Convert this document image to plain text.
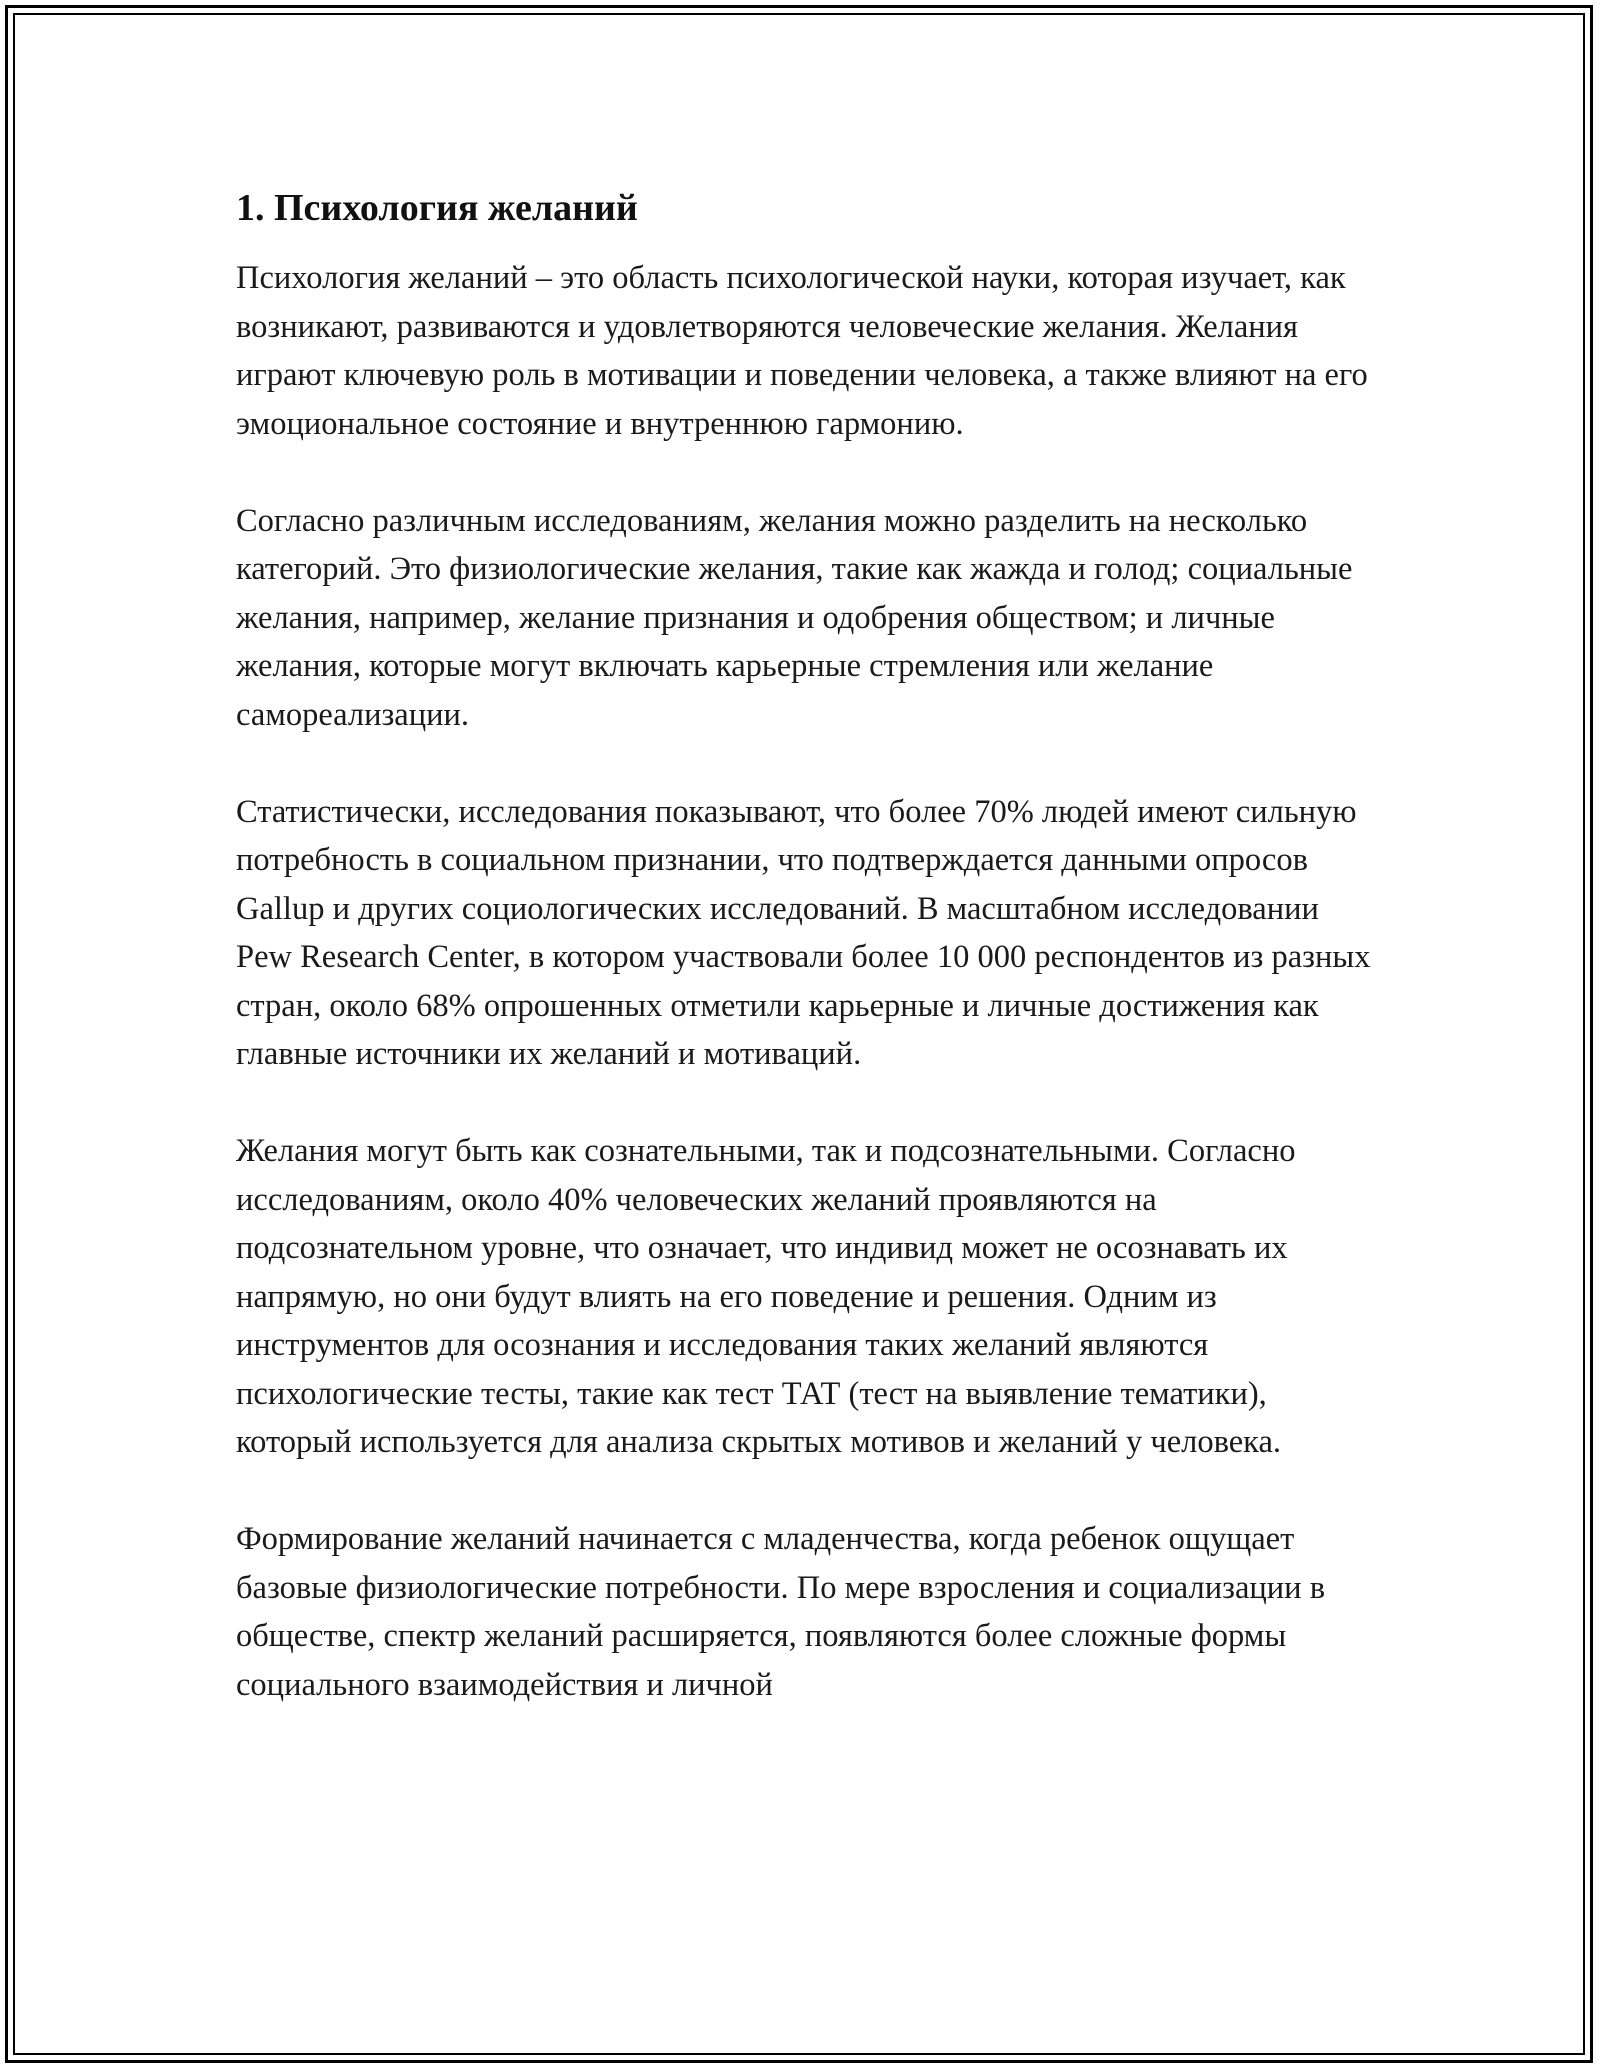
1. Психология желаний

Психология желаний – это область психологической науки, которая изучает, как возникают, развиваются и удовлетворяются человеческие желания. Желания играют ключевую роль в мотивации и поведении человека, а также влияют на его эмоциональное состояние и внутреннюю гармонию.

Согласно различным исследованиям, желания можно разделить на несколько категорий. Это физиологические желания, такие как жажда и голод; социальные желания, например, желание признания и одобрения обществом; и личные желания, которые могут включать карьерные стремления или желание самореализации.

Статистически, исследования показывают, что более 70% людей имеют сильную потребность в социальном признании, что подтверждается данными опросов Gallup и других социологических исследований. В масштабном исследовании Pew Research Center, в котором участвовали более 10 000 респондентов из разных стран, около 68% опрошенных отметили карьерные и личные достижения как главные источники их желаний и мотиваций.

Желания могут быть как сознательными, так и подсознательными. Согласно исследованиям, около 40% человеческих желаний проявляются на подсознательном уровне, что означает, что индивид может не осознавать их напрямую, но они будут влиять на его поведение и решения. Одним из инструментов для осознания и исследования таких желаний являются психологические тесты, такие как тест ТАТ (тест на выявление тематики), который используется для анализа скрытых мотивов и желаний у человека.

Формирование желаний начинается с младенчества, когда ребенок ощущает базовые физиологические потребности. По мере взросления и социализации в обществе, спектр желаний расширяется, появляются более сложные формы социального взаимодействия и личной
